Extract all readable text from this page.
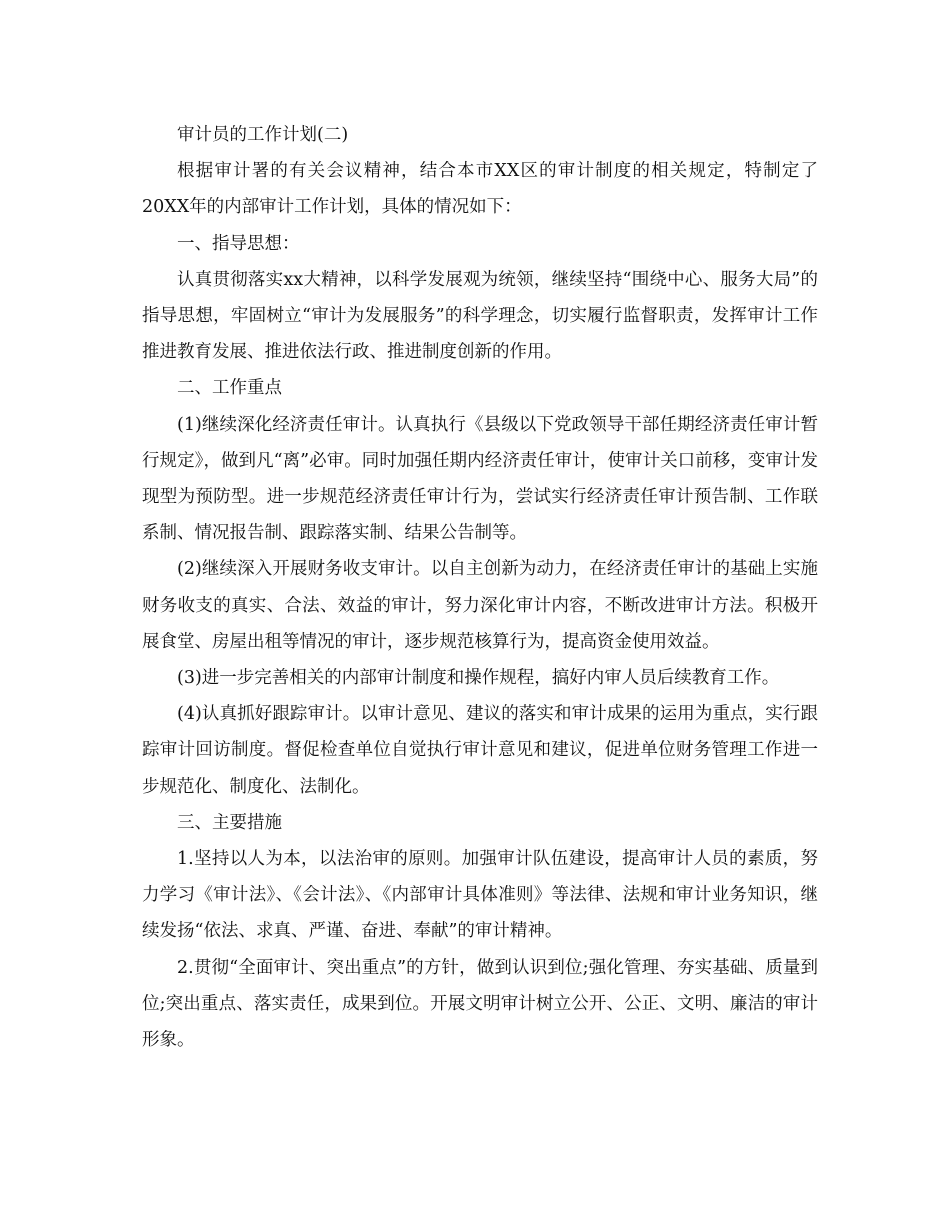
审计员的工作计划(二)

根据审计署的有关会议精神，结合本市XX区的审计制度的相关规定，特制定了20XX年的内部审计工作计划，具体的情况如下：

一、指导思想：

认真贯彻落实xx大精神，以科学发展观为统领，继续坚持“围绕中心、服务大局”的指导思想，牢固树立“审计为发展服务”的科学理念，切实履行监督职责，发挥审计工作推进教育发展、推进依法行政、推进制度创新的作用。

二、工作重点

(1)继续深化经济责任审计。认真执行《县级以下党政领导干部任期经济责任审计暂行规定》，做到凡“离”必审。同时加强任期内经济责任审计，使审计关口前移，变审计发现型为预防型。进一步规范经济责任审计行为，尝试实行经济责任审计预告制、工作联系制、情况报告制、跟踪落实制、结果公告制等。

(2)继续深入开展财务收支审计。以自主创新为动力，在经济责任审计的基础上实施财务收支的真实、合法、效益的审计，努力深化审计内容，不断改进审计方法。积极开展食堂、房屋出租等情况的审计，逐步规范核算行为，提高资金使用效益。

(3)进一步完善相关的内部审计制度和操作规程，搞好内审人员后续教育工作。

(4)认真抓好跟踪审计。以审计意见、建议的落实和审计成果的运用为重点，实行跟踪审计回访制度。督促检查单位自觉执行审计意见和建议，促进单位财务管理工作进一步规范化、制度化、法制化。

三、主要措施

1.坚持以人为本，以法治审的原则。加强审计队伍建设，提高审计人员的素质，努力学习《审计法》、《会计法》、《内部审计具体准则》等法律、法规和审计业务知识，继续发扬“依法、求真、严谨、奋进、奉献”的审计精神。

2.贯彻“全面审计、突出重点”的方针，做到认识到位;强化管理、夯实基础、质量到位;突出重点、落实责任，成果到位。开展文明审计树立公开、公正、文明、廉洁的审计形象。
